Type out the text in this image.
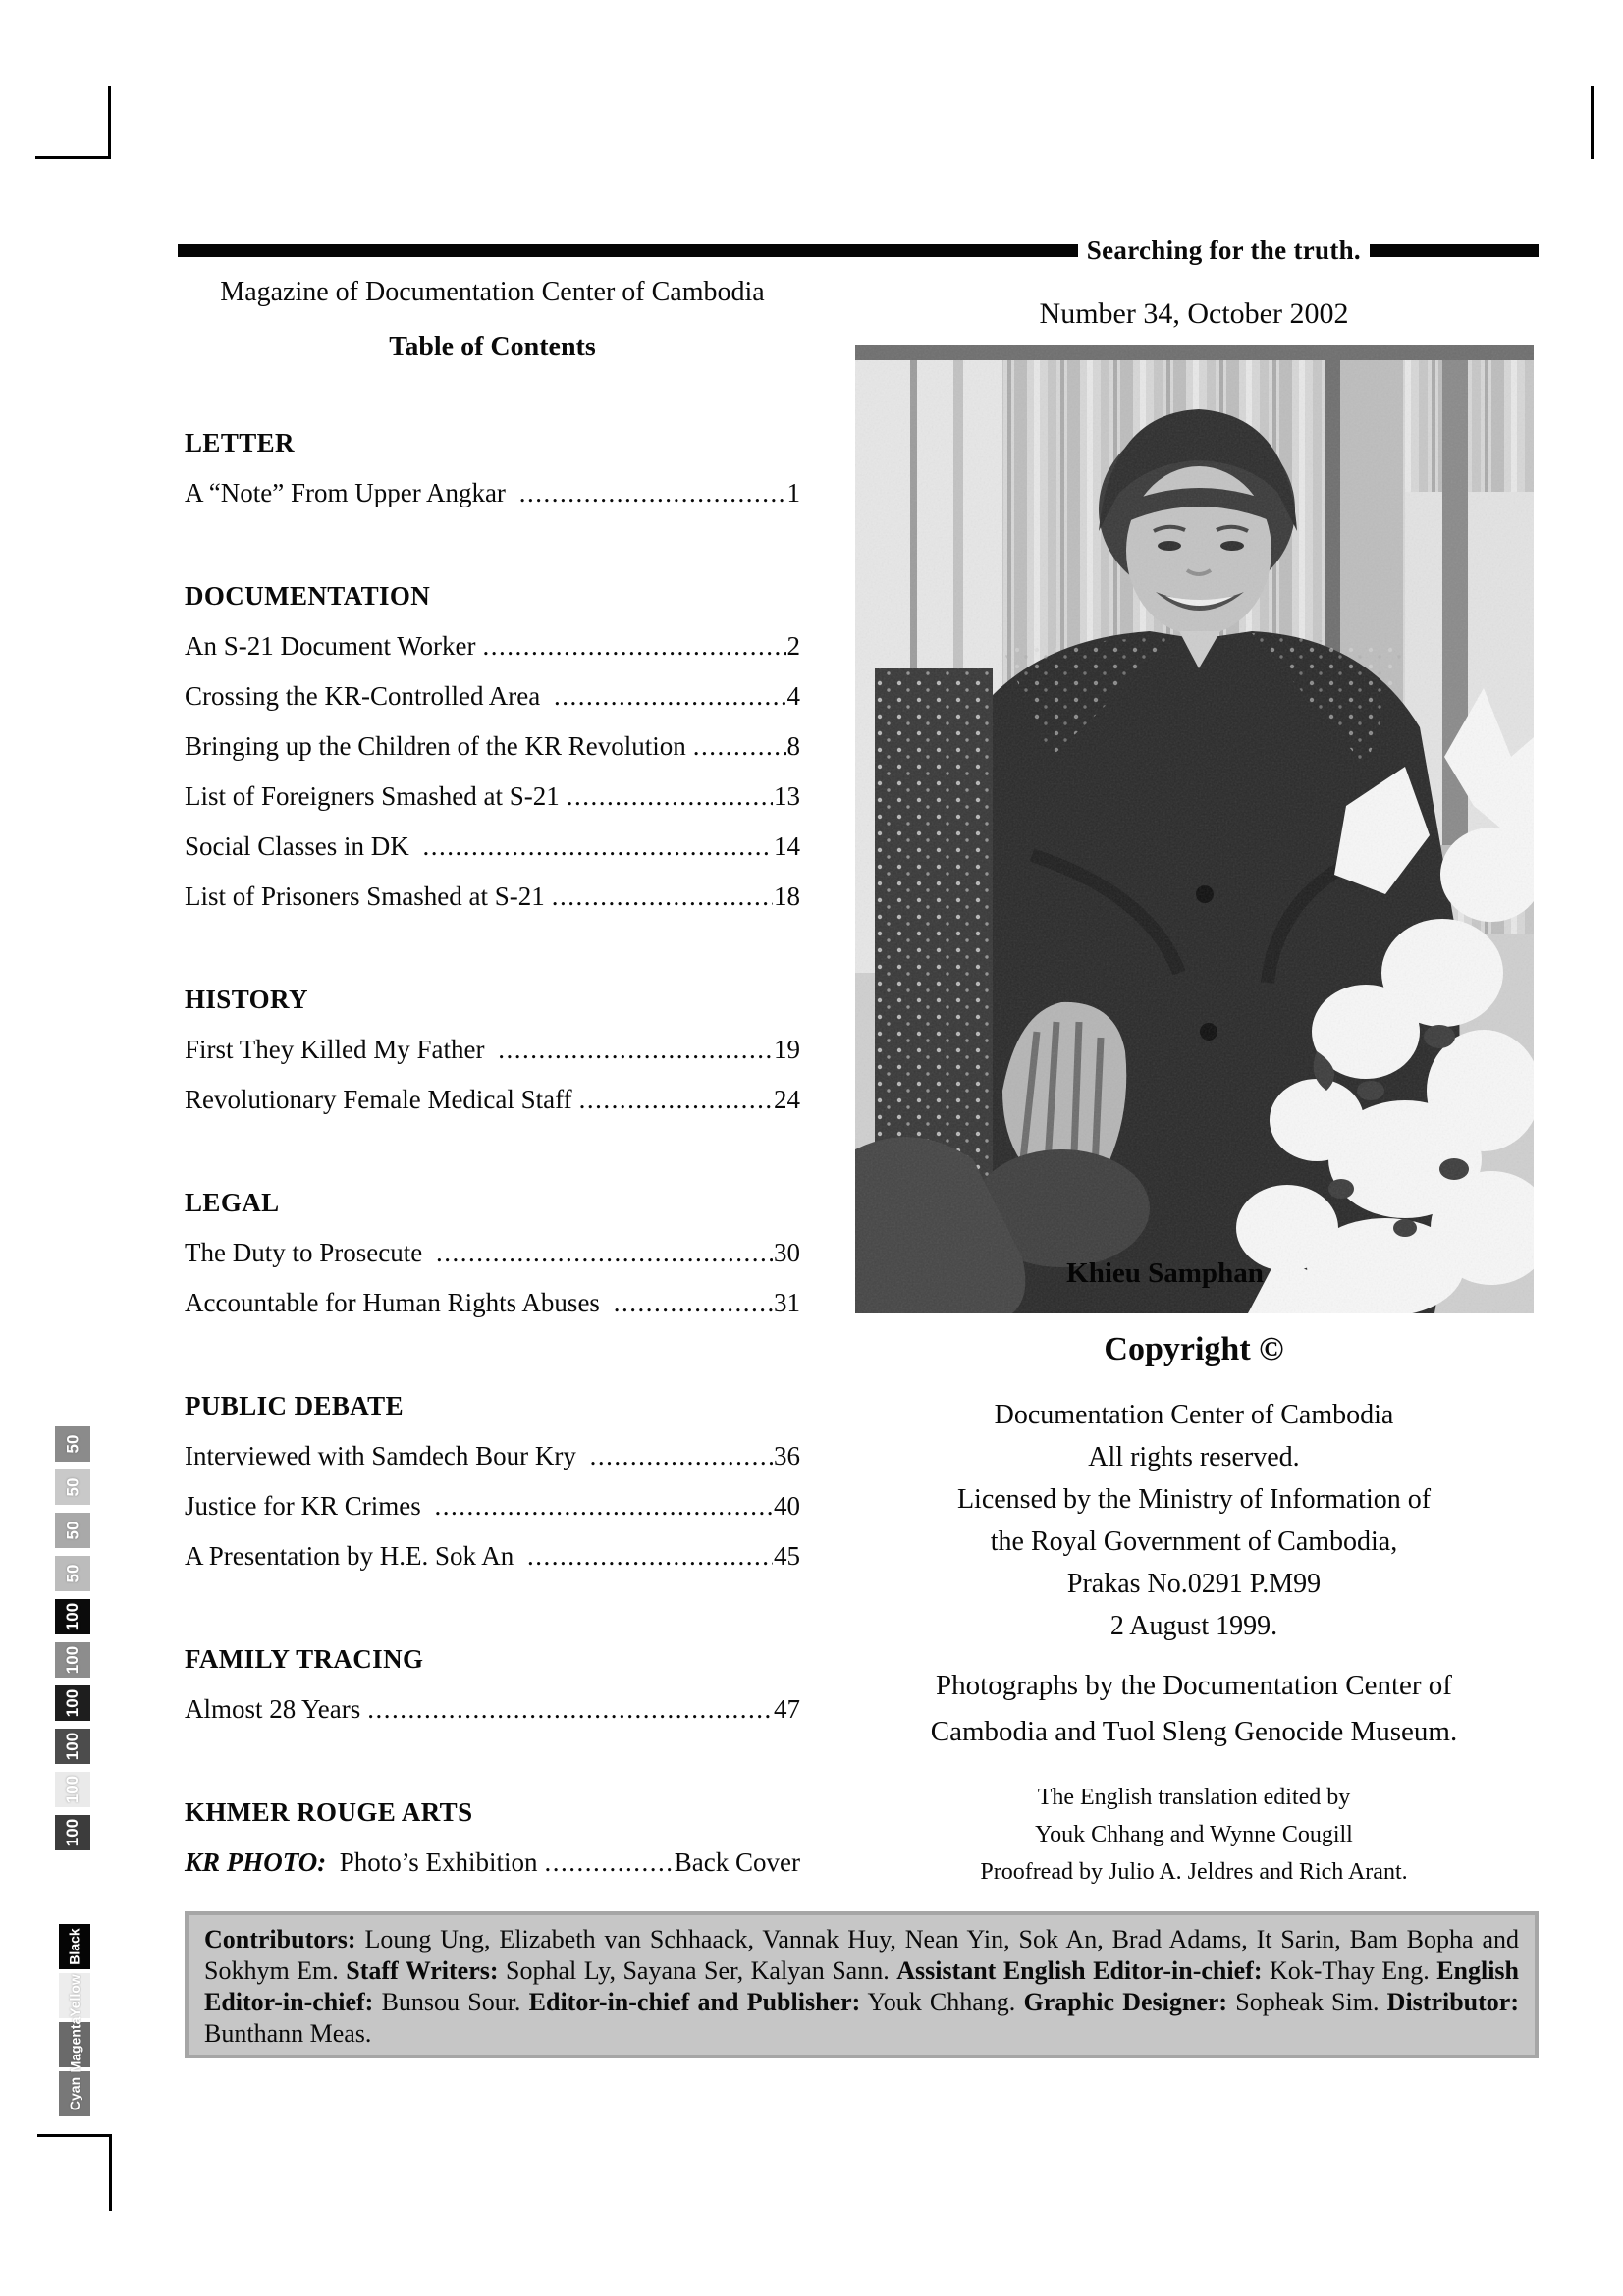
Searching for the truth.
Magazine of Documentation Center of Cambodia
Table of Contents
Number 34, October 2002
LETTER
A “Note” From Upper Angkar .....	1
DOCUMENTATION
An S-21 Document Worker .....	2
Crossing the KR-Controlled Area .....	4
Bringing up the Children of the KR Revolution .....	8
List of Foreigners Smashed at S-21 .....	13
Social Classes in DK .....	14
List of Prisoners Smashed at S-21 .....	18
HISTORY
First They Killed My Father .....	19
Revolutionary Female Medical Staff .....	24
LEGAL
The Duty to Prosecute .....	30
Accountable for Human Rights Abuses .....	31
PUBLIC DEBATE
Interviewed with Samdech Bour Kry .....	36
Justice for KR Crimes .....	40
A Presentation by H.E. Sok An .....	45
FAMILY TRACING
Almost 28 Years .....	47
KHMER ROUGE ARTS
KR PHOTO:  Photo’s Exhibition .....	Back Cover
Khieu Samphan
Copyright ©
Documentation Center of Cambodia
All rights reserved.
Licensed by the Ministry of Information of
the Royal Government of Cambodia,
Prakas No.0291 P.M99
2 August 1999.
Photographs by the Documentation Center of
Cambodia and Tuol Sleng Genocide Museum.
The English translation edited by
Youk Chhang and Wynne Cougill
Proofread by Julio A. Jeldres and Rich Arant.
Contributors: Loung Ung, Elizabeth van Schhaack, Vannak Huy, Nean Yin, Sok An, Brad Adams, It Sarin, Bam Bopha and Sokhym Em. Staff Writers: Sophal Ly, Sayana Ser, Kalyan Sann. Assistant English Editor-in-chief: Kok-Thay Eng. English Editor-in-chief: Bunsou Sour. Editor-in-chief and Publisher: Youk Chhang. Graphic Designer: Sopheak Sim. Distributor: Bunthann Meas.
50
50
50
50
100
100
100
100
100
100
Black
Yellow
Magenta
Cyan
